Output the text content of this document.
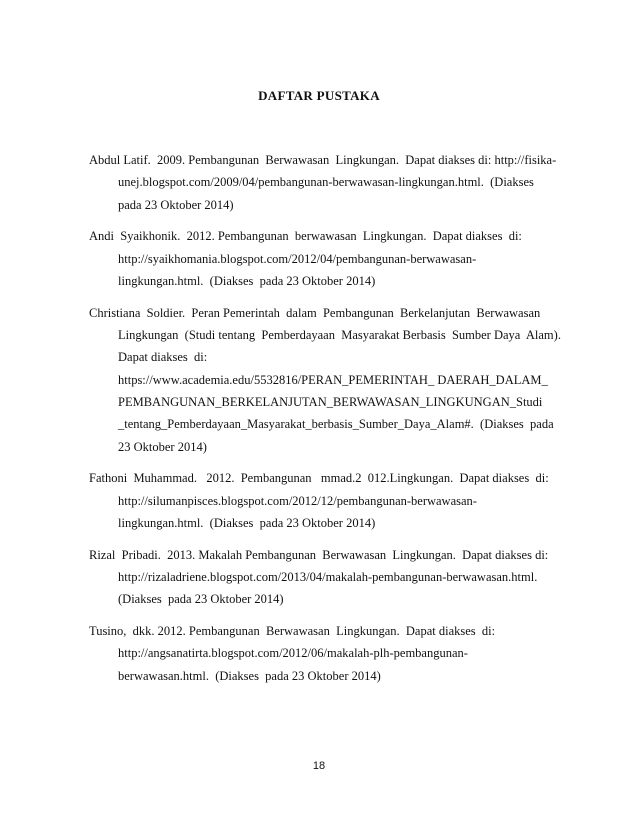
DAFTAR PUSTAKA
Abdul Latif.  2009. Pembangunan  Berwawasan  Lingkungan.  Dapat diakses di: http://fisika-
unej.blogspot.com/2009/04/pembangunan-berwawasan-lingkungan.html.  (Diakses
pada 23 Oktober 2014)
Andi  Syaikhonik.  2012. Pembangunan  berwawasan  Lingkungan.  Dapat diakses  di:
http://syaikhomania.blogspot.com/2012/04/pembangunan-berwawasan-
lingkungan.html.  (Diakses  pada 23 Oktober 2014)
Christiana  Soldier.  Peran Pemerintah  dalam  Pembangunan  Berkelanjutan  Berwawasan
Lingkungan  (Studi tentang  Pemberdayaan  Masyarakat Berbasis  Sumber Daya  Alam).
Dapat diakses  di:
https://www.academia.edu/5532816/PERAN_PEMERINTAH_ DAERAH_DALAM_
PEMBANGUNAN_BERKELANJUTAN_BERWAWASAN_LINGKUNGAN_Studi
_tentang_Pemberdayaan_Masyarakat_berbasis_Sumber_Daya_Alam#.  (Diakses  pada
23 Oktober 2014)
Fathoni  Muhammad.   2012.  Pembangunan   mmad.2  012.Lingkungan.  Dapat diakses  di:
http://silumanpisces.blogspot.com/2012/12/pembangunan-berwawasan-
lingkungan.html.  (Diakses  pada 23 Oktober 2014)
Rizal  Pribadi.  2013. Makalah Pembangunan  Berwawasan  Lingkungan.  Dapat diakses di:
http://rizaladriene.blogspot.com/2013/04/makalah-pembangunan-berwawasan.html.
(Diakses  pada 23 Oktober 2014)
Tusino,  dkk. 2012. Pembangunan  Berwawasan  Lingkungan.  Dapat diakses  di:
http://angsanatirta.blogspot.com/2012/06/makalah-plh-pembangunan-
berwawasan.html.  (Diakses  pada 23 Oktober 2014)
18
